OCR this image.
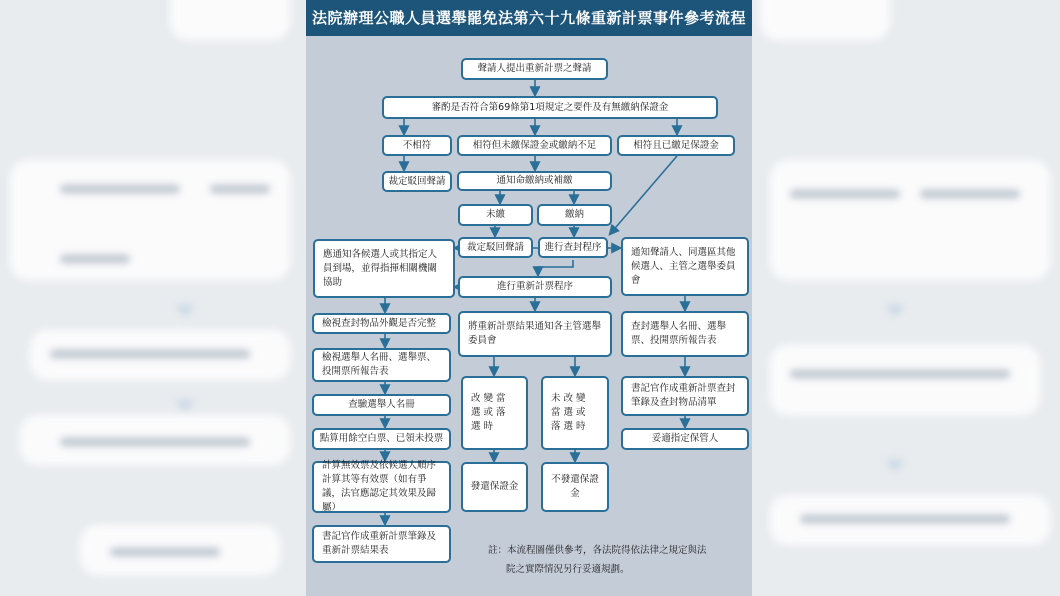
法院辦理公職人員選舉罷免法第六十九條重新計票事件參考流程
聲請人提出重新計票之聲請
審酌是否符合第69條第1項規定之要件及有無繳納保證金
不相符	相符但未繳保證金或繳納不足	相符且已繳足保證金
裁定駁回聲請	通知命繳納或補繳
未繳	繳納
裁定駁回聲請	進行查封程序
應通知各候選人或其指定人員到場，並得指揮相關機關協助
通知聲請人、同選區其他候選人、主管之選舉委員會
進行重新計票程序
檢視查封物品外觀是否完整
檢視選舉人名冊、選舉票、投開票所報告表
查驗選舉人名冊
點算用餘空白票、已領未投票
計算無效票及依候選人順序計算其等有效票（如有爭議，法官應認定其效果及歸屬）
書記官作成重新計票筆錄及重新計票結果表
將重新計票結果通知各主管選舉委員會
改變當選或落選時
未改變當選或落選時
發還保證金
不發還保證金
查封選舉人名冊、選舉票、投開票所報告表
書記官作成重新計票查封筆錄及查封物品清單
妥適指定保管人
註：本流程圖僅供參考，各法院得依法律之規定與法
院之實際情況另行妥適規劃。
